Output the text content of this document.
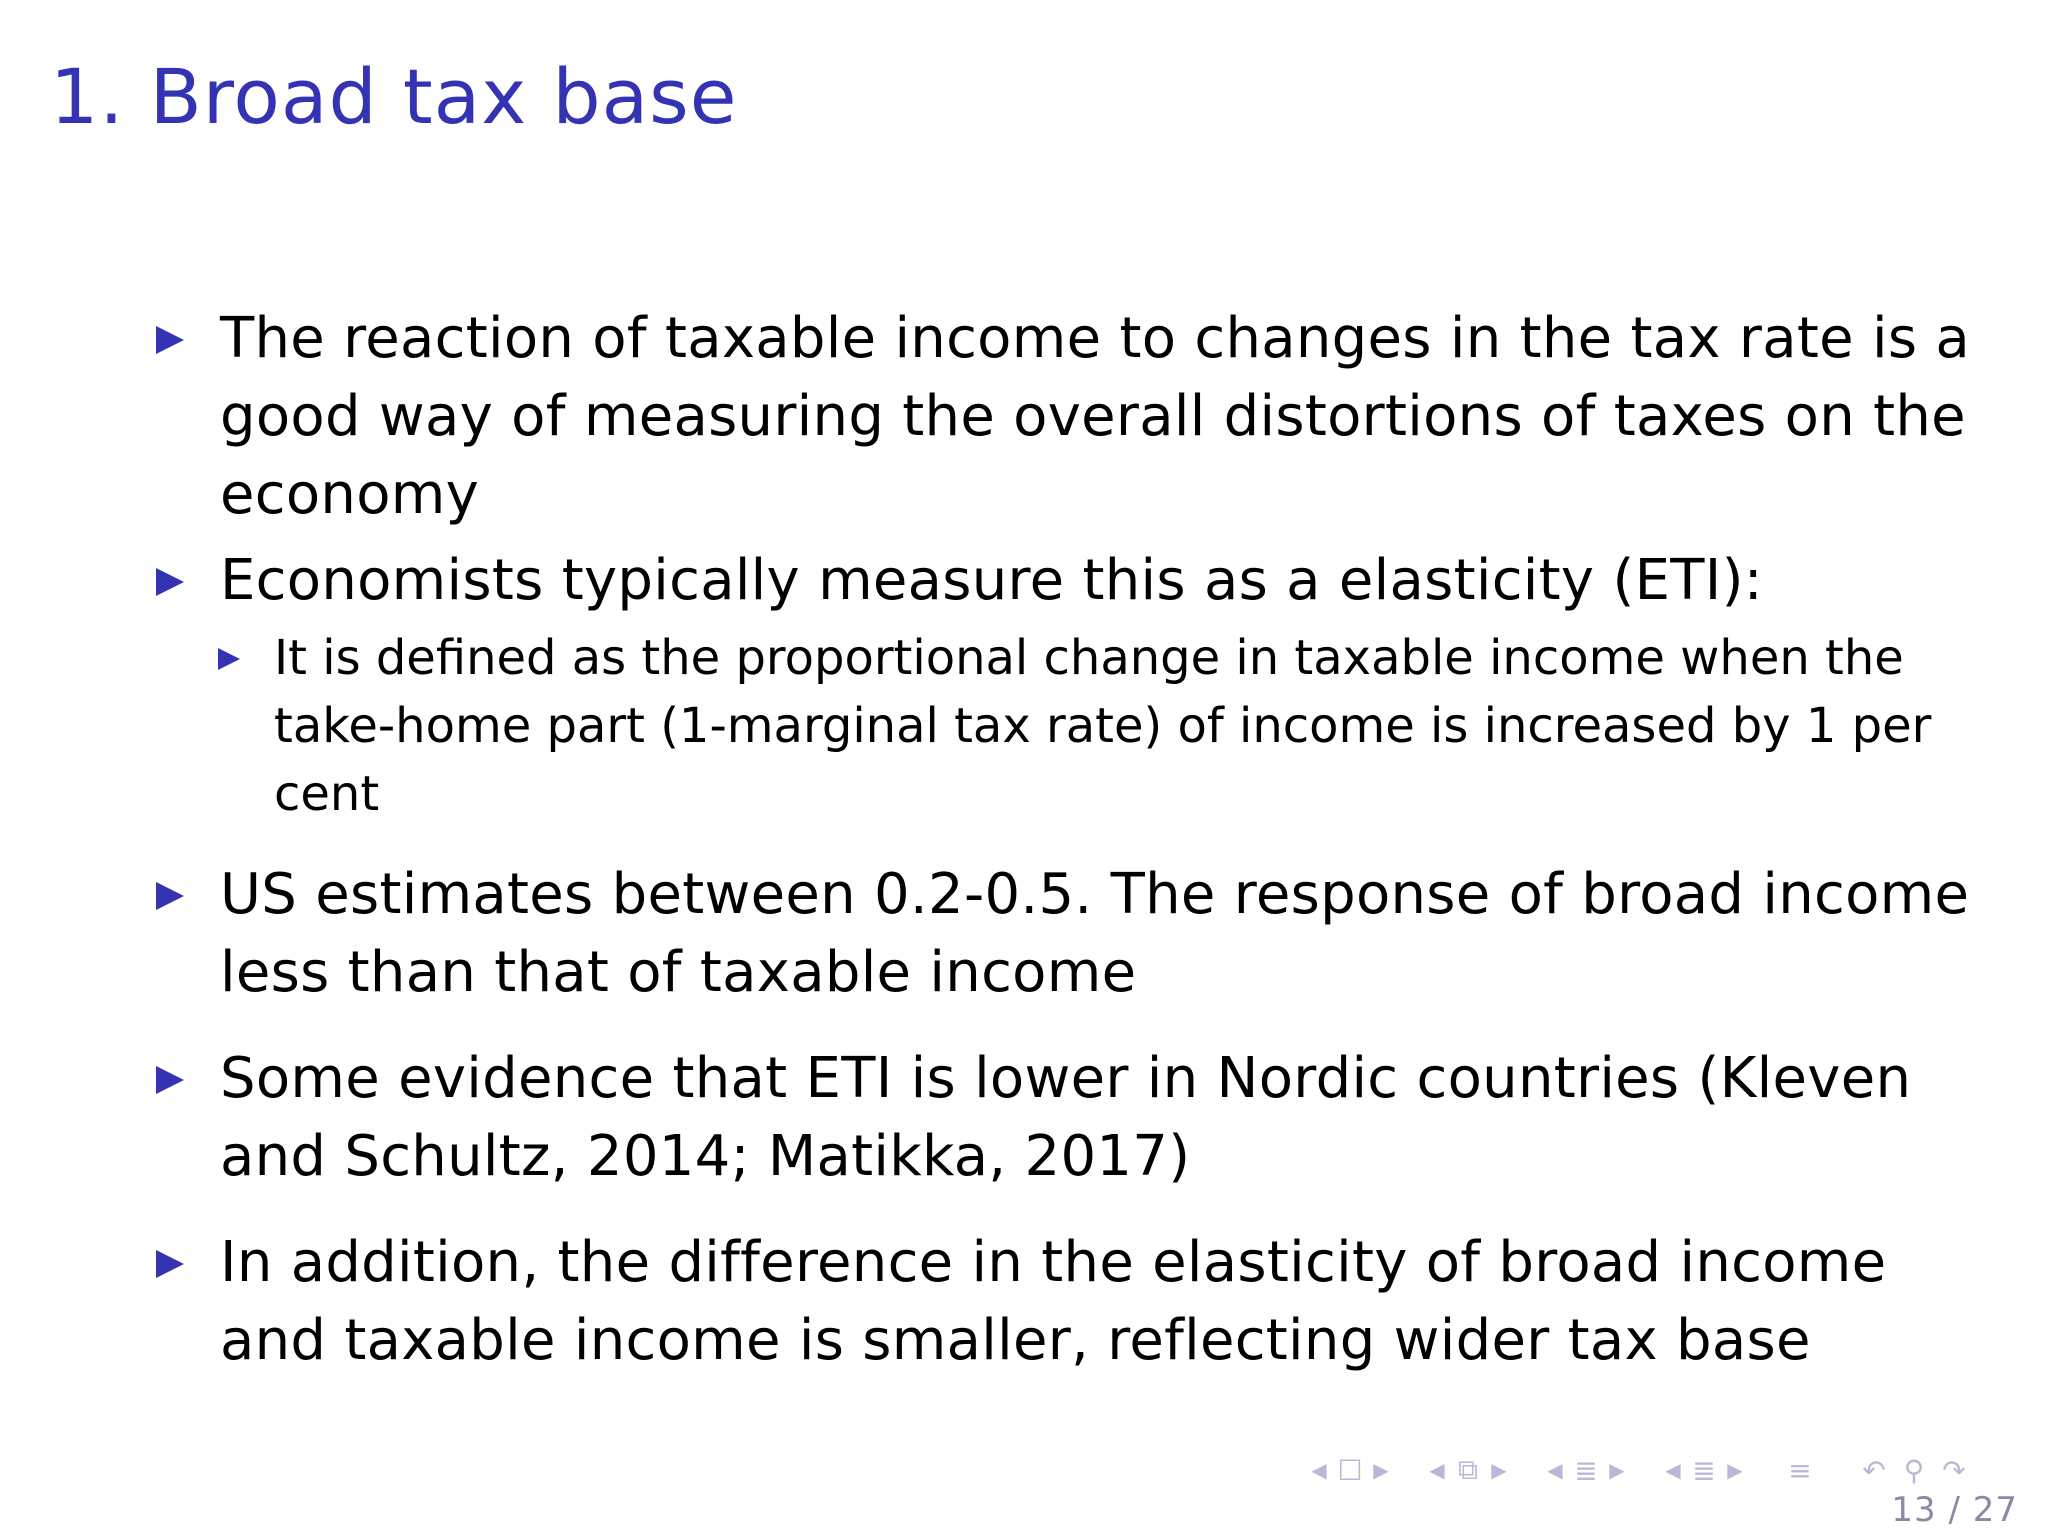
1. Broad tax base
The reaction of taxable income to changes in the tax rate is a good way of measuring the overall distortions of taxes on the economy
Economists typically measure this as a elasticity (ETI):
It is defined as the proportional change in taxable income when the take-home part (1-marginal tax rate) of income is increased by 1 per cent
US estimates between 0.2-0.5. The response of broad income less than that of taxable income
Some evidence that ETI is lower in Nordic countries (Kleven and Schultz, 2014; Matikka, 2017)
In addition, the difference in the elasticity of broad income and taxable income is smaller, reflecting wider tax base
◀ ☐ ▶ ◀ ⧉ ▶ ◀ ≣ ▶ ◀ ≣ ▶ ≡ ↶ ⚲ ↷
13 / 27
